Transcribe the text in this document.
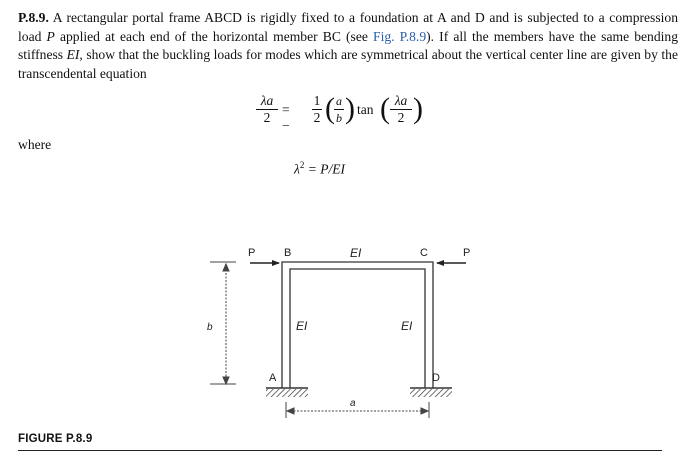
P.8.9. A rectangular portal frame ABCD is rigidly fixed to a foundation at A and D and is subjected to a compression load P applied at each end of the horizontal member BC (see Fig. P.8.9). If all the members have the same bending stiffness EI, show that the buckling loads for modes which are symmetrical about the vertical center line are given by the transcendental equation
λa
2
= −
1
2 ( a
b ) tan ( λa
2 )
where
$\lambda^2 = P/EI$
P	B	EI	C	P
b	EI	EI
A	D
a
FIGURE P.8.9
